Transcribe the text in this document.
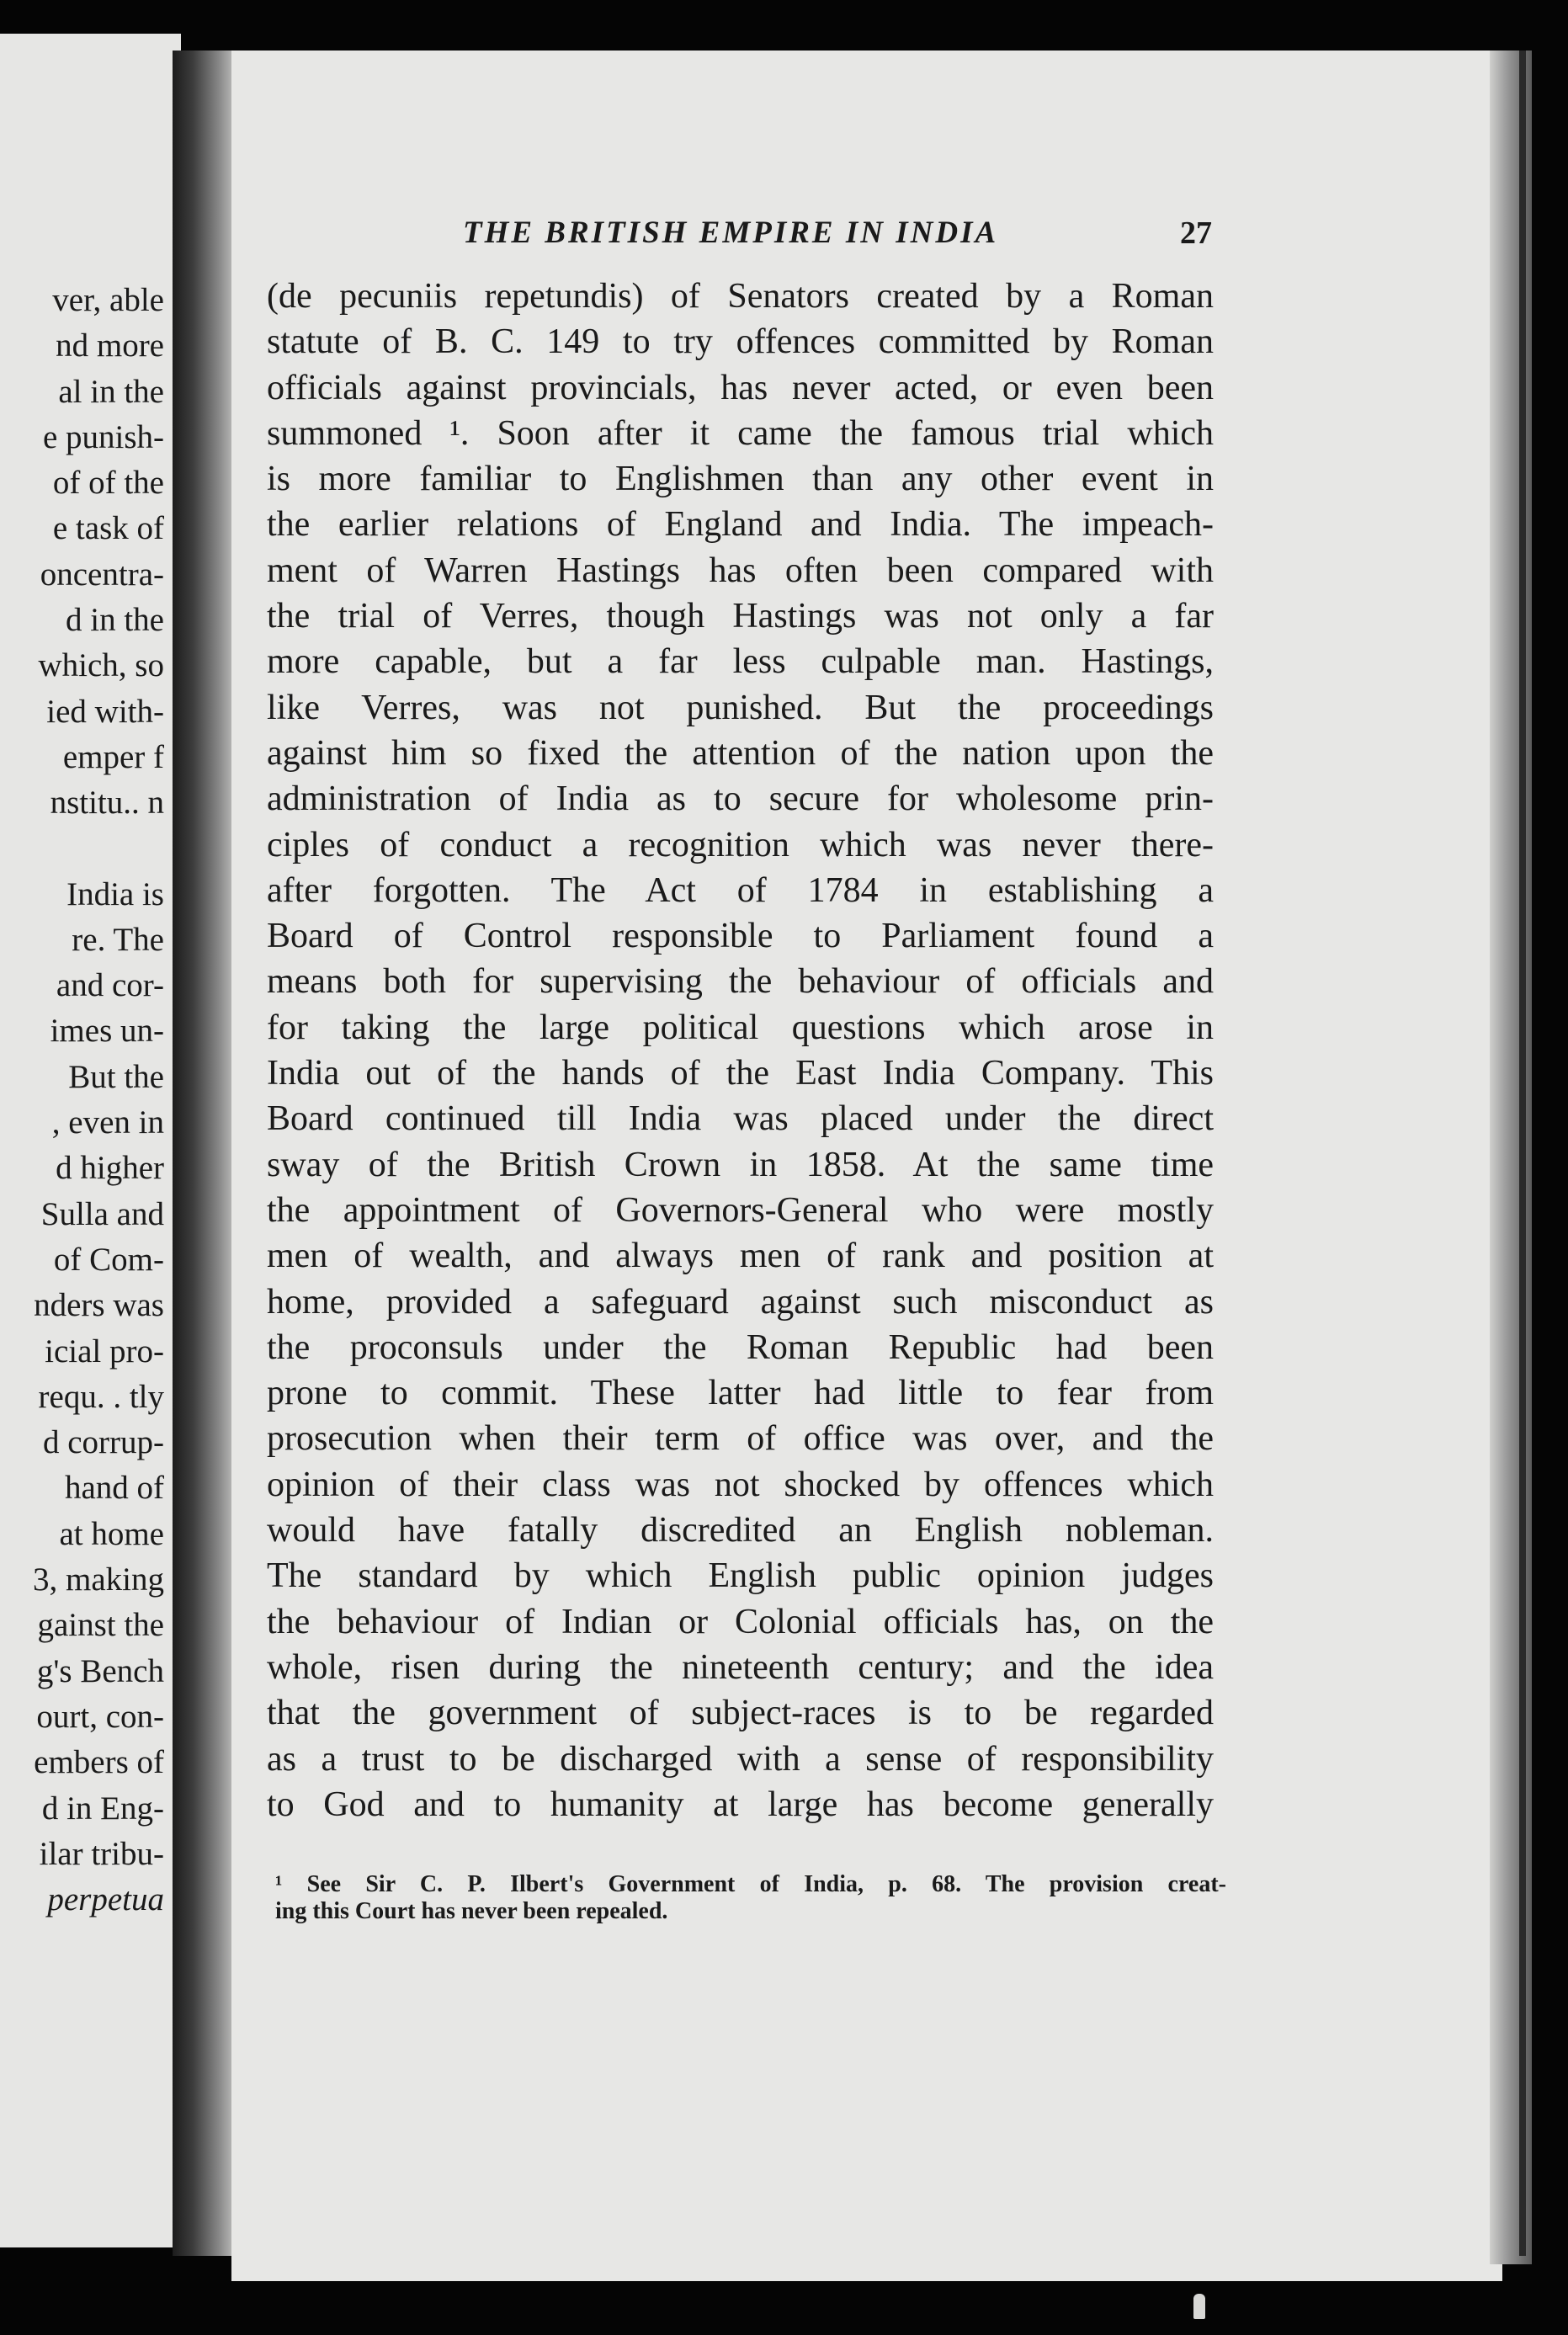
ver, able
nd more
al in the
e punish-
of of the
e task of
oncentra-
d in the
which, so
ied with-
emper f
nstitu.. n
India is
re. The
and cor-
imes un-
But the
, even in
d higher
Sulla and
of Com-
nders was
icial pro-
requ. . tly
d corrup-
hand of
at home
3, making
gainst the
g's Bench
ourt, con-
embers of
d in Eng-
ilar tribu-
perpetua
THE BRITISH EMPIRE IN INDIA	27
(de pecuniis repetundis) of Senators created by a Roman
statute of B. C. 149 to try offences committed by Roman
officials against provincials, has never acted, or even been
summoned ¹. Soon after it came the famous trial which
is more familiar to Englishmen than any other event in
the earlier relations of England and India. The impeach-
ment of Warren Hastings has often been compared with
the trial of Verres, though Hastings was not only a far
more capable, but a far less culpable man. Hastings,
like Verres, was not punished. But the proceedings
against him so fixed the attention of the nation upon the
administration of India as to secure for wholesome prin-
ciples of conduct a recognition which was never there-
after forgotten. The Act of 1784 in establishing a
Board of Control responsible to Parliament found a
means both for supervising the behaviour of officials and
for taking the large political questions which arose in
India out of the hands of the East India Company. This
Board continued till India was placed under the direct
sway of the British Crown in 1858. At the same time
the appointment of Governors-General who were mostly
men of wealth, and always men of rank and position at
home, provided a safeguard against such misconduct as
the proconsuls under the Roman Republic had been
prone to commit. These latter had little to fear from
prosecution when their term of office was over, and the
opinion of their class was not shocked by offences which
would have fatally discredited an English nobleman.
The standard by which English public opinion judges
the behaviour of Indian or Colonial officials has, on the
whole, risen during the nineteenth century; and the idea
that the government of subject-races is to be regarded
as a trust to be discharged with a sense of responsibility
to God and to humanity at large has become generally
¹ See Sir C. P. Ilbert's Government of India, p. 68. The provision creat-
ing this Court has never been repealed.
